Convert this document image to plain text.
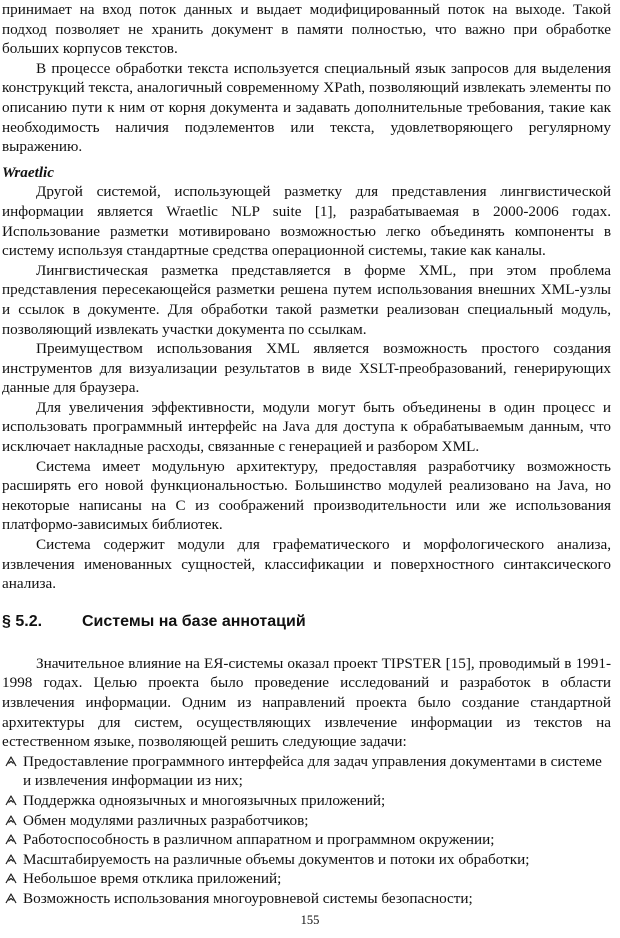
принимает на вход поток данных и выдает модифицированный поток на выходе. Такой подход позволяет не хранить документ в памяти полностью, что важно при обработке больших корпусов текстов.

В процессе обработки текста используется специальный язык запросов для выделения конструкций текста, аналогичный современному XPath, позволяющий извлекать элементы по описанию пути к ним от корня документа и задавать дополнительные требования, такие как необходимость наличия подэлементов или текста, удовлетворяющего регулярному выражению.

Wraetlic

Другой системой, использующей разметку для представления лингвистической информации является Wraetlic NLP suite [1], разрабатываемая в 2000-2006 годах. Использование разметки мотивировано возможностью легко объединять компоненты в систему используя стандартные средства операционной системы, такие как каналы.

Лингвистическая разметка представляется в форме XML, при этом проблема представления пересекающейся разметки решена путем использования внешних XML-узлы и ссылок в документе. Для обработки такой разметки реализован специальный модуль, позволяющий извлекать участки документа по ссылкам.

Преимуществом использования XML является возможность простого создания инструментов для визуализации результатов в виде XSLT-преобразований, генерирующих данные для браузера.

Для увеличения эффективности, модули могут быть объединены в один процесс и использовать программный интерфейс на Java для доступа к обрабатываемым данным, что исключает накладные расходы, связанные с генерацией и разбором XML.

Система имеет модульную архитектуру, предоставляя разработчику возможность расширять его новой функциональностью. Большинство модулей реализовано на Java, но некоторые написаны на C из соображений производительности или же использования платформо-зависимых библиотек.

Система содержит модули для графематического и морфологического анализа, извлечения именованных сущностей, классификации и поверхностного синтаксического анализа.

§ 5.2.	Системы на базе аннотаций

Значительное влияние на ЕЯ-системы оказал проект TIPSTER [15], проводимый в 1991-1998 годах. Целью проекта было проведение исследований и разработок в области извлечения информации. Одним из направлений проекта было создание стандартной архитектуры для систем, осуществляющих извлечение информации из текстов на естественном языке, позволяющей решить следующие задачи:

Предоставление программного интерфейса для задач управления документами в системе и извлечения информации из них;
Поддержка одноязычных и многоязычных приложений;
Обмен модулями различных разработчиков;
Работоспособность в различном аппаратном и программном окружении;
Масштабируемость на различные объемы документов и потоки их обработки;
Небольшое время отклика приложений;
Возможность использования многоуровневой системы безопасности;
155
